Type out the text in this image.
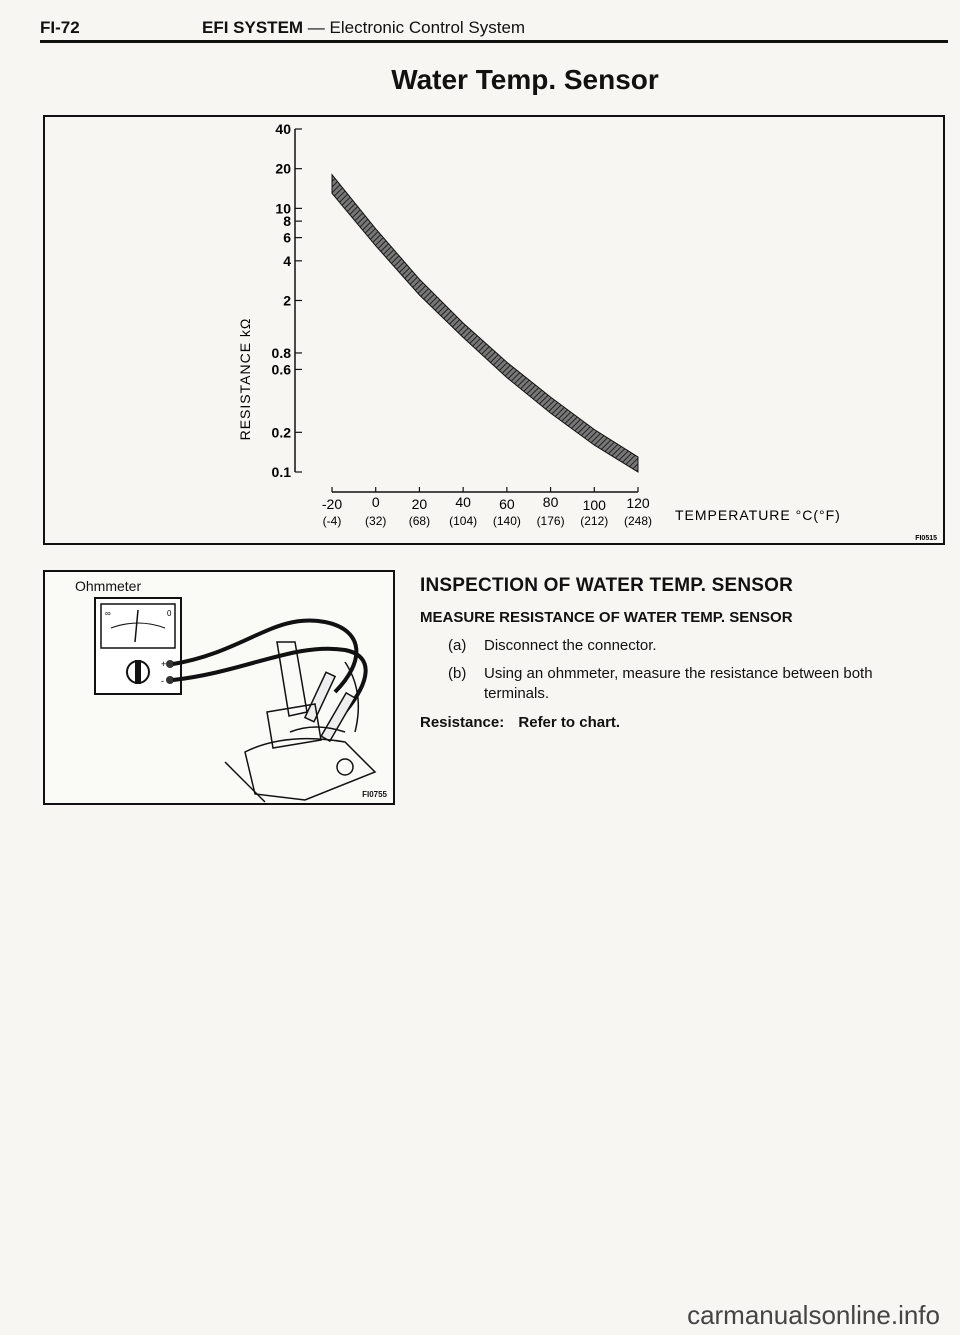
FI-72	EFI SYSTEM — Electronic Control System
Water Temp. Sensor
40
20
10
8
6
4
2
0.8
0.6
0.2
0.1
-20
(-4)
0
(32)
20
(68)
40
(104)
60
(140)
80
(176)
100
(212)
120
(248)
RESISTANCE kΩ
TEMPERATURE °C(°F)
FI0515
Ohmmeter
∞	0
+
-
FI0755
INSPECTION OF WATER TEMP. SENSOR
MEASURE RESISTANCE OF WATER TEMP. SENSOR
(a)	Disconnect the connector.
(b)	Using an ohmmeter, measure the resistance between both terminals.
Resistance: Refer to chart.
carmanualsonline.info
